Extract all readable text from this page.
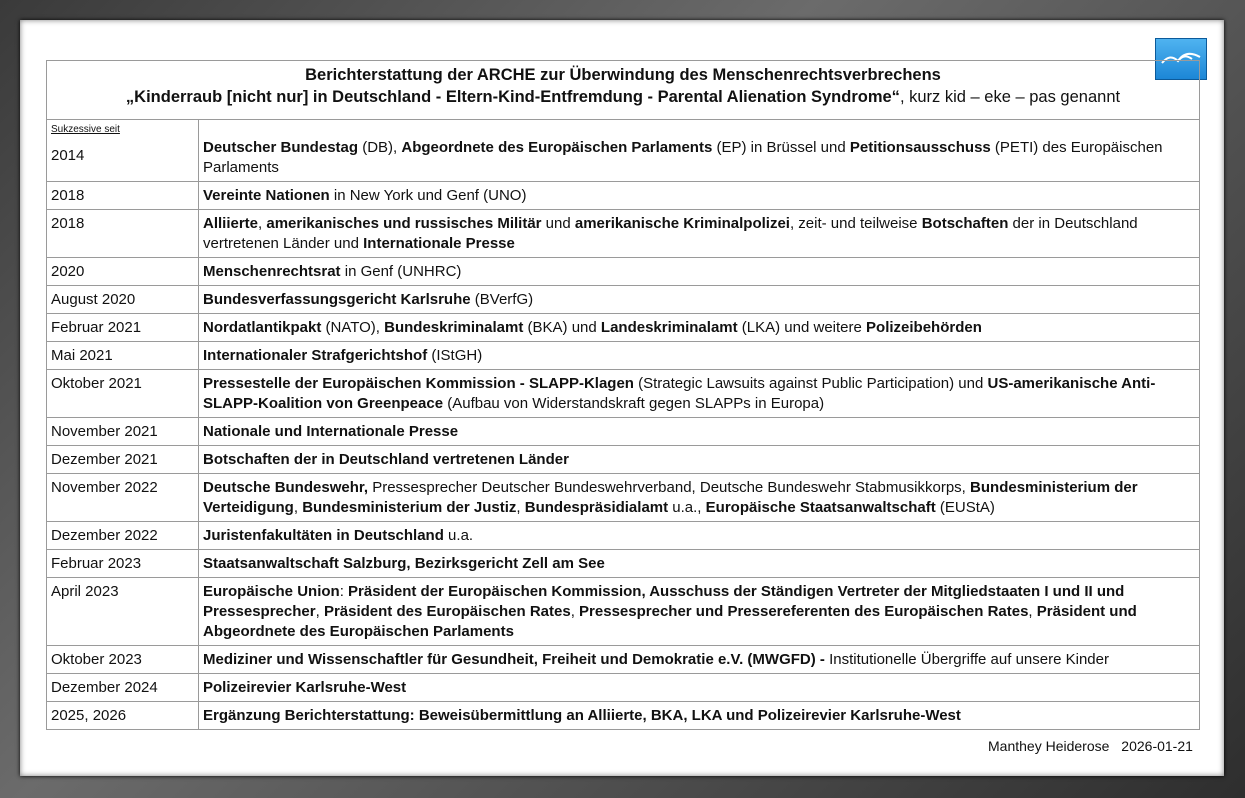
Berichterstattung der ARCHE zur Überwindung des Menschenrechtsverbrechens
„Kinderraub [nicht nur] in Deutschland - Eltern-Kind-Entfremdung - Parental Alienation Syndrome“, kurz kid – eke – pas genannt
Sukzessive seit
2014	Deutscher Bundestag (DB), Abgeordnete des Europäischen Parlaments (EP) in Brüssel und Petitionsausschuss (PETI) des Europäischen Parlaments
2018	Vereinte Nationen in New York und Genf (UNO)
2018	Alliierte, amerikanisches und russisches Militär und amerikanische Kriminalpolizei, zeit- und teilweise Botschaften der in Deutschland vertretenen Länder und Internationale Presse
2020	Menschenrechtsrat in Genf (UNHRC)
August 2020	Bundesverfassungsgericht Karlsruhe (BVerfG)
Februar 2021	Nordatlantikpakt (NATO), Bundeskriminalamt (BKA) und Landeskriminalamt (LKA) und weitere Polizeibehörden
Mai 2021	Internationaler Strafgerichtshof (IStGH)
Oktober 2021	Pressestelle der Europäischen Kommission - SLAPP-Klagen (Strategic Lawsuits against Public Participation) und US-amerikanische Anti-SLAPP-Koalition von Greenpeace (Aufbau von Widerstandskraft gegen SLAPPs in Europa)
November 2021	Nationale und Internationale Presse
Dezember 2021	Botschaften der in Deutschland vertretenen Länder
November 2022	Deutsche Bundeswehr, Pressesprecher Deutscher Bundeswehrverband, Deutsche Bundeswehr Stabmusikkorps, Bundesministerium der Verteidigung, Bundesministerium der Justiz, Bundespräsidialamt u.a., Europäische Staatsanwaltschaft (EUStA)
Dezember 2022	Juristenfakultäten in Deutschland u.a.
Februar 2023	Staatsanwaltschaft Salzburg, Bezirksgericht Zell am See
April 2023	Europäische Union: Präsident der Europäischen Kommission, Ausschuss der Ständigen Vertreter der Mitgliedstaaten I und II und Pressesprecher, Präsident des Europäischen Rates, Pressesprecher und Pressereferenten des Europäischen Rates, Präsident und Abgeordnete des Europäischen Parlaments
Oktober 2023	Mediziner und Wissenschaftler für Gesundheit, Freiheit und Demokratie e.V. (MWGFD) - Institutionelle Übergriffe auf unsere Kinder
Dezember 2024	Polizeirevier Karlsruhe-West
2025, 2026	Ergänzung Berichterstattung: Beweisübermittlung an Alliierte, BKA, LKA und Polizeirevier Karlsruhe-West
Manthey Heiderose 2026-01-21
